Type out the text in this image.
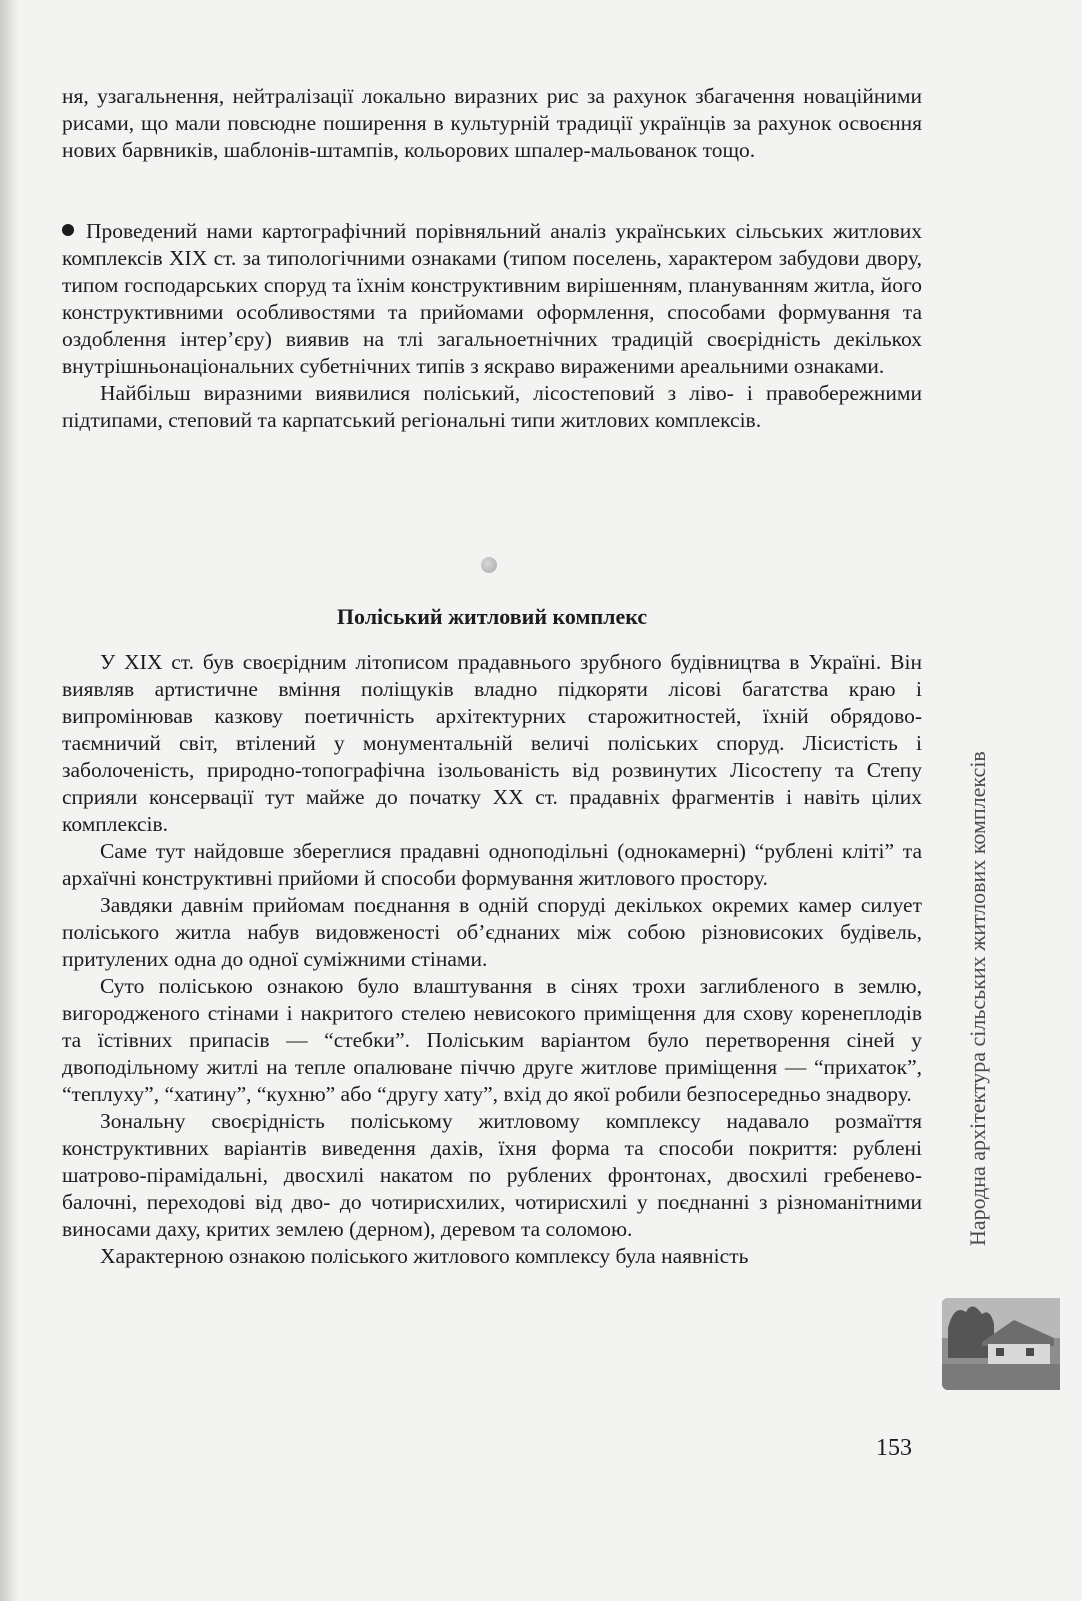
ня, узагальнення, нейтралізації локально виразних рис за рахунок збагачення новаційними рисами, що мали повсюдне поширення в культурній традиції українців за рахунок освоєння нових барвників, шаблонів-штампів, кольорових шпалер-мальованок тощо.

Проведений нами картографічний порівняльний аналіз українських сільських житлових комплексів XIX ст. за типологічними ознаками (типом поселень, характером забудови двору, типом господарських споруд та їхнім конструктивним вирішенням, плануванням житла, його конструктивними особливостями та прийомами оформлення, способами формування та оздоблення інтер’єру) виявив на тлі загальноетнічних традицій своєрідність декількох внутрішньонаціональних субетнічних типів з яскраво вираженими ареальними ознаками.

Найбільш виразними виявилися поліський, лісостеповий з ліво- і правобережними підтипами, степовий та карпатський регіональні типи житлових комплексів.

Поліський житловий комплекс

У XIX ст. був своєрідним літописом прадавнього зрубного будівництва в Україні. Він виявляв артистичне вміння поліщуків владно підкоряти лісові багатства краю і випромінював казкову поетичність архітектурних старожитностей, їхній обрядово-таємничий світ, втілений у монументальній величі поліських споруд. Лісистість і заболоченість, природно-топографічна ізольованість від розвинутих Лісостепу та Степу сприяли консервації тут майже до початку XX ст. прадавніх фрагментів і навіть цілих комплексів.

Саме тут найдовше збереглися прадавні одноподільні (однокамерні) “рублені кліті” та архаїчні конструктивні прийоми й способи формування житлового простору.

Завдяки давнім прийомам поєднання в одній споруді декількох окремих камер силует поліського житла набув видовженості об’єднаних між собою різновисоких будівель, притулених одна до одної суміжними стінами.

Суто поліською ознакою було влаштування в сінях трохи заглибленого в землю, вигородженого стінами і накритого стелею невисокого приміщення для схову коренеплодів та їстівних припасів — “стебки”. Поліським варіантом було перетворення сіней у двоподільному житлі на тепле опалюване піччю друге житлове приміщення — “прихаток”, “теплуху”, “хатину”, “кухню” або “другу хату”, вхід до якої робили безпосередньо знадвору.

Зональну своєрідність поліському житловому комплексу надавало розмаїття конструктивних варіантів виведення дахів, їхня форма та способи покриття: рублені шатрово-пірамідальні, двосхилі накатом по рублених фронтонах, двосхилі гребенево-балочні, переходові від дво- до чотирисхилих, чотирисхилі у поєднанні з різноманітними виносами даху, критих землею (дерном), деревом та соломою.

Характерною ознакою поліського житлового комплексу була наявність

Народна архітектура сільських житлових комплексів
153
